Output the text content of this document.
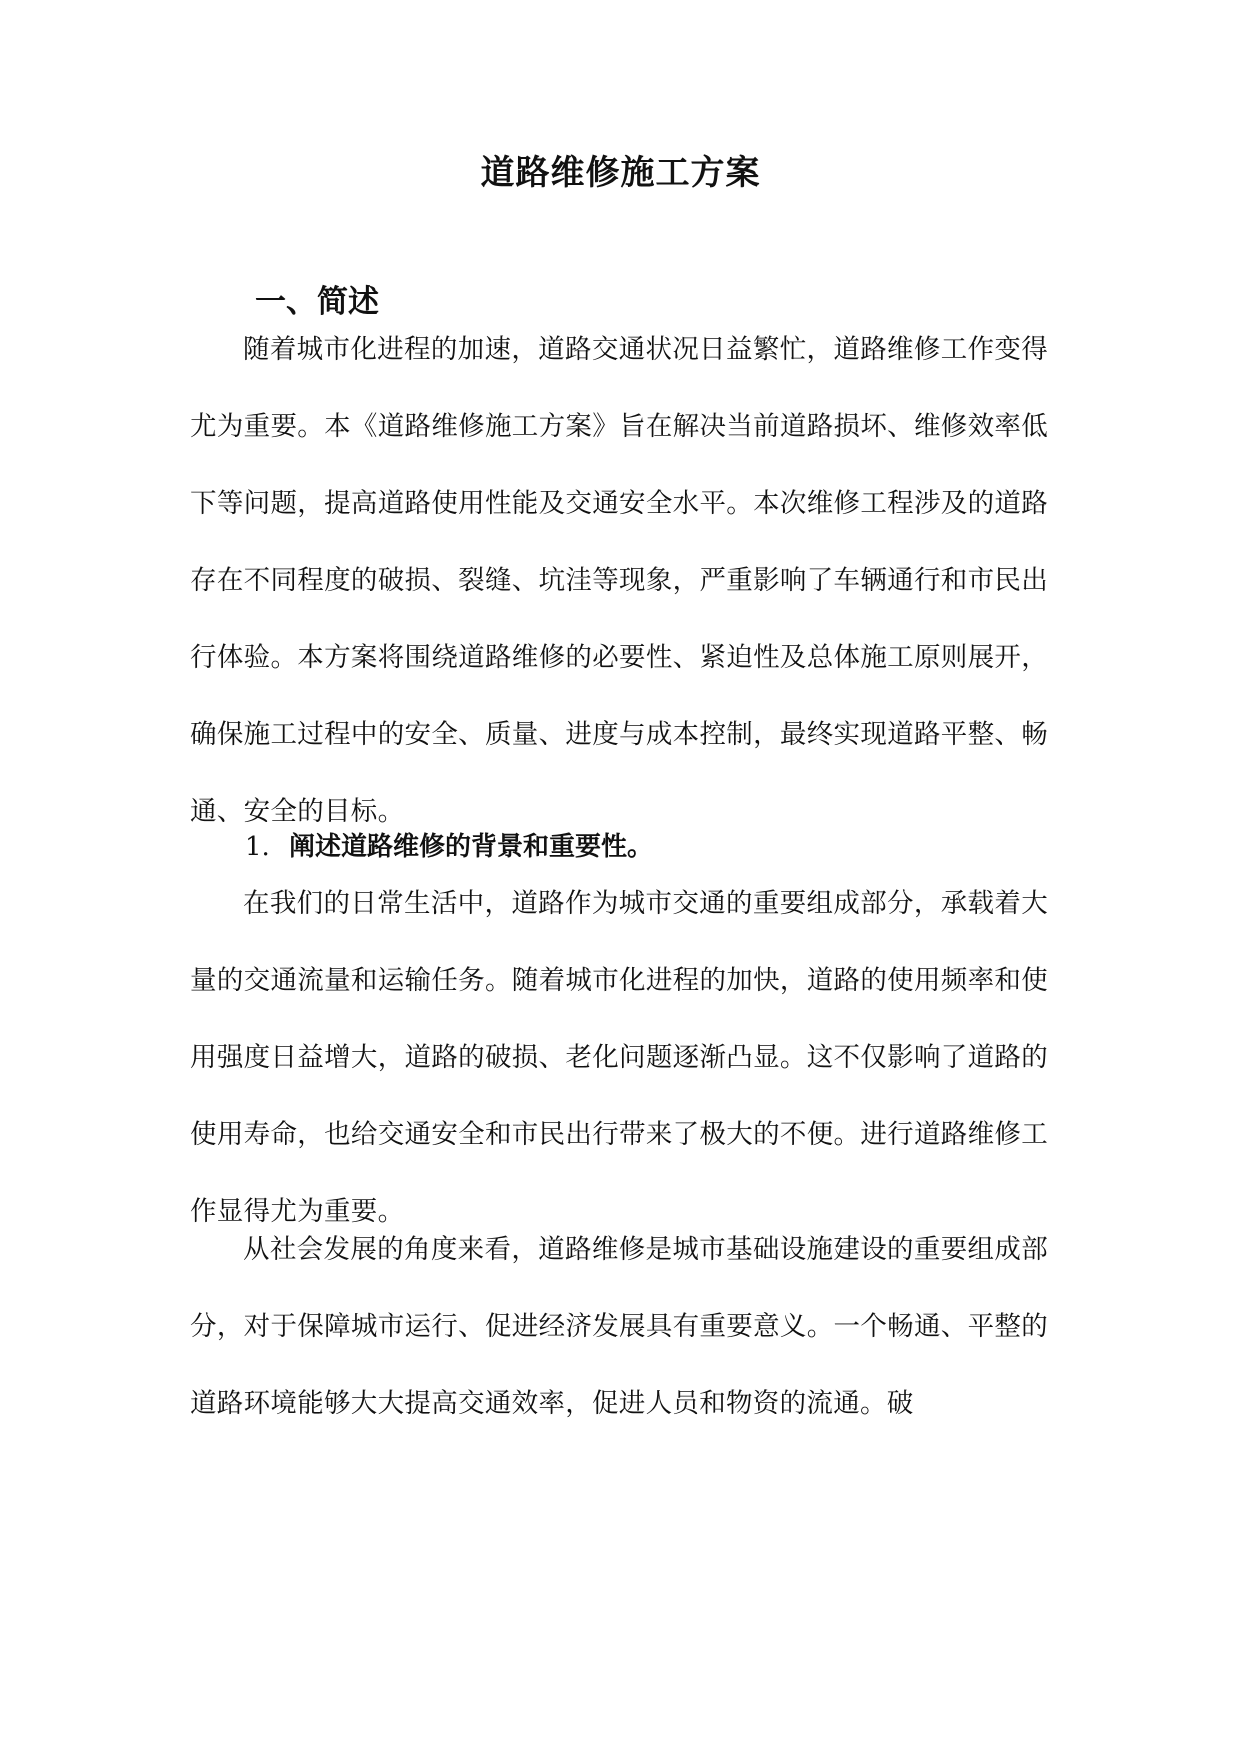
道路维修施工方案
一、简述

随着城市化进程的加速，道路交通状况日益繁忙，道路维修工作变得尤为重要。本《道路维修施工方案》旨在解决当前道路损坏、维修效率低下等问题，提高道路使用性能及交通安全水平。本次维修工程涉及的道路存在不同程度的破损、裂缝、坑洼等现象，严重影响了车辆通行和市民出行体验。本方案将围绕道路维修的必要性、紧迫性及总体施工原则展开，确保施工过程中的安全、质量、进度与成本控制，最终实现道路平整、畅通、安全的目标。

1. 阐述道路维修的背景和重要性。

在我们的日常生活中，道路作为城市交通的重要组成部分，承载着大量的交通流量和运输任务。随着城市化进程的加快，道路的使用频率和使用强度日益增大，道路的破损、老化问题逐渐凸显。这不仅影响了道路的使用寿命，也给交通安全和市民出行带来了极大的不便。进行道路维修工作显得尤为重要。

从社会发展的角度来看，道路维修是城市基础设施建设的重要组成部分，对于保障城市运行、促进经济发展具有重要意义。一个畅通、平整的道路环境能够大大提高交通效率，促进人员和物资的流通。破
